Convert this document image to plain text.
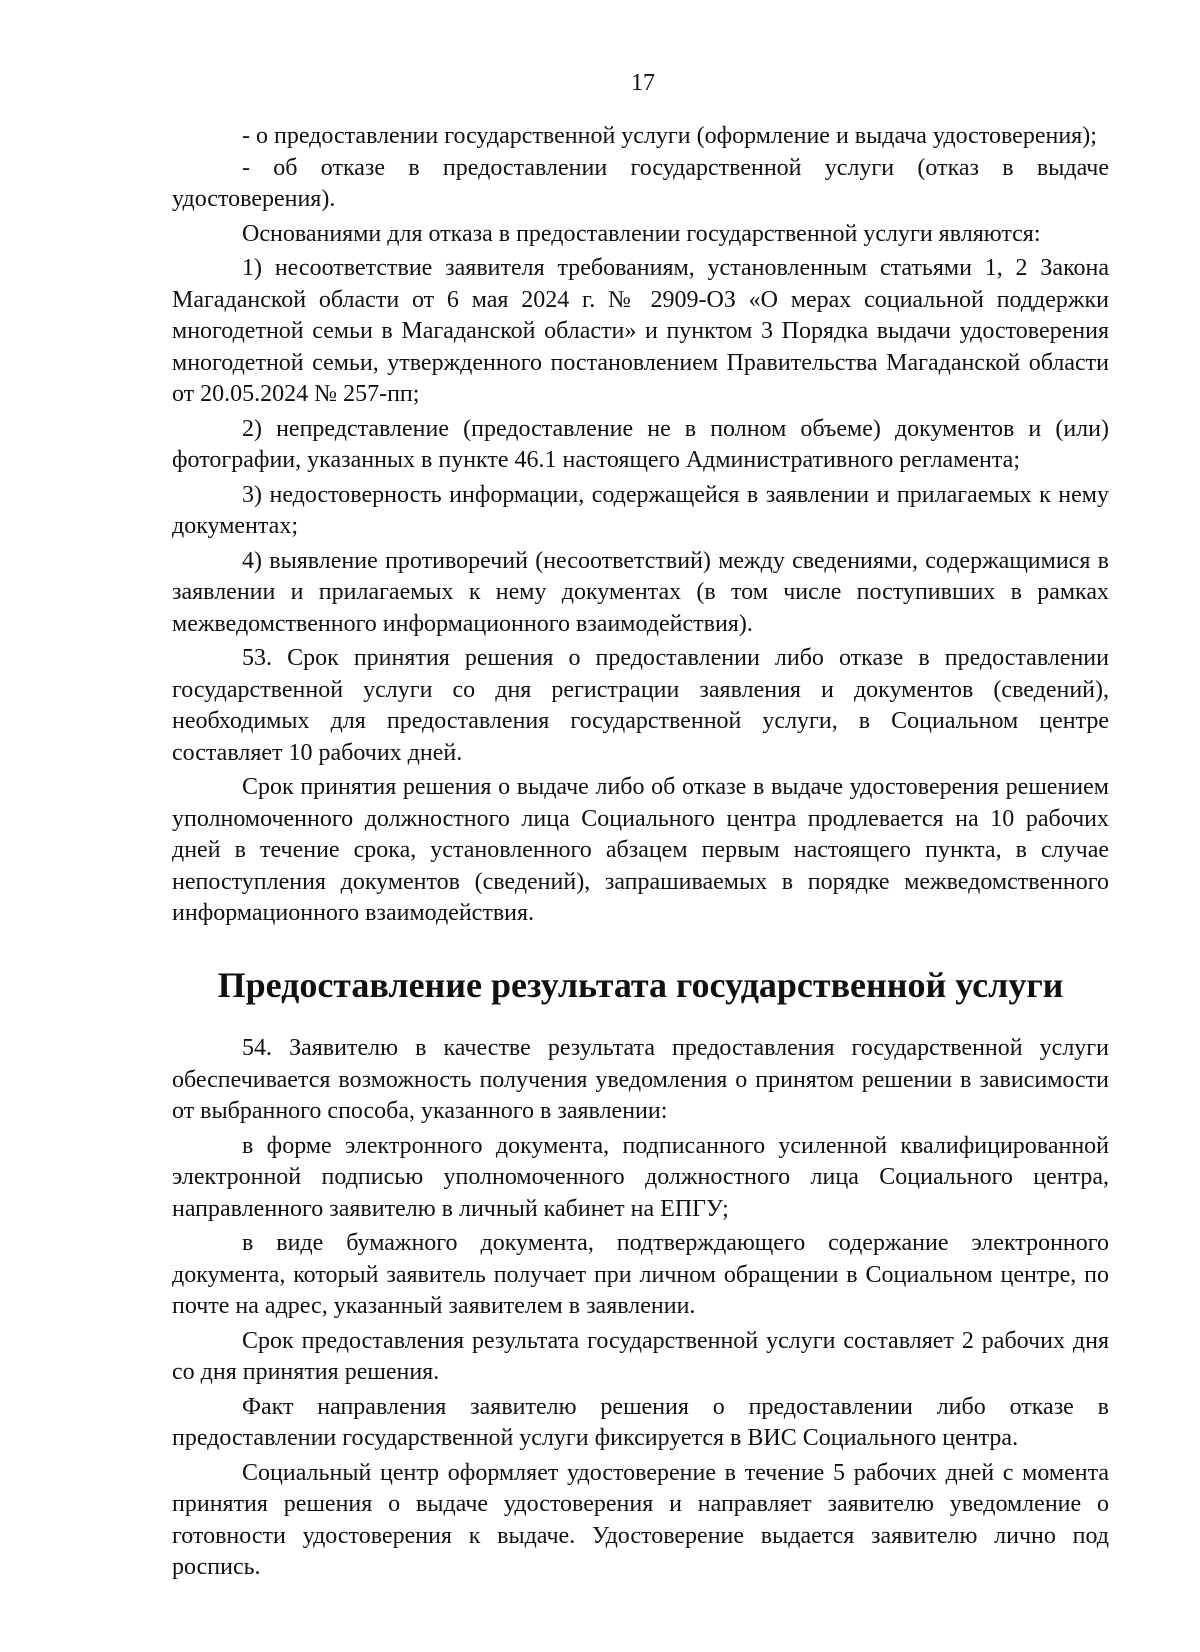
17

- о предоставлении государственной услуги (оформление и выдача удостоверения);

- об отказе в предоставлении государственной услуги (отказ в выдаче удостоверения).

Основаниями для отказа в предоставлении государственной услуги являются:

1) несоответствие заявителя требованиям, установленным статьями 1, 2 Закона Магаданской области от 6 мая 2024 г. № 2909-ОЗ «О мерах социальной поддержки многодетной семьи в Магаданской области» и пунктом 3 Порядка выдачи удостоверения многодетной семьи, утвержденного постановлением Правительства Магаданской области от 20.05.2024 № 257-пп;

2) непредставление (предоставление не в полном объеме) документов и (или) фотографии, указанных в пункте 46.1 настоящего Административного регламента;

3) недостоверность информации, содержащейся в заявлении и прилагаемых к нему документах;

4) выявление противоречий (несоответствий) между сведениями, содержащимися в заявлении и прилагаемых к нему документах (в том числе поступивших в рамках межведомственного информационного взаимодействия).

53. Срок принятия решения о предоставлении либо отказе в предоставлении государственной услуги со дня регистрации заявления и документов (сведений), необходимых для предоставления государственной услуги, в Социальном центре составляет 10 рабочих дней.

Срок принятия решения о выдаче либо об отказе в выдаче удостоверения решением уполномоченного должностного лица Социального центра продлевается на 10 рабочих дней в течение срока, установленного абзацем первым настоящего пункта, в случае непоступления документов (сведений), запрашиваемых в порядке межведомственного информационного взаимодействия.

Предоставление результата государственной услуги

54. Заявителю в качестве результата предоставления государственной услуги обеспечивается возможность получения уведомления о принятом решении в зависимости от выбранного способа, указанного в заявлении:

в форме электронного документа, подписанного усиленной квалифицированной электронной подписью уполномоченного должностного лица Социального центра, направленного заявителю в личный кабинет на ЕПГУ;

в виде бумажного документа, подтверждающего содержание электронного документа, который заявитель получает при личном обращении в Социальном центре, по почте на адрес, указанный заявителем в заявлении.

Срок предоставления результата государственной услуги составляет 2 рабочих дня со дня принятия решения.

Факт направления заявителю решения о предоставлении либо отказе в предоставлении государственной услуги фиксируется в ВИС Социального центра.

Социальный центр оформляет удостоверение в течение 5 рабочих дней с момента принятия решения о выдаче удостоверения и направляет заявителю уведомление о готовности удостоверения к выдаче. Удостоверение выдается заявителю лично под роспись.
